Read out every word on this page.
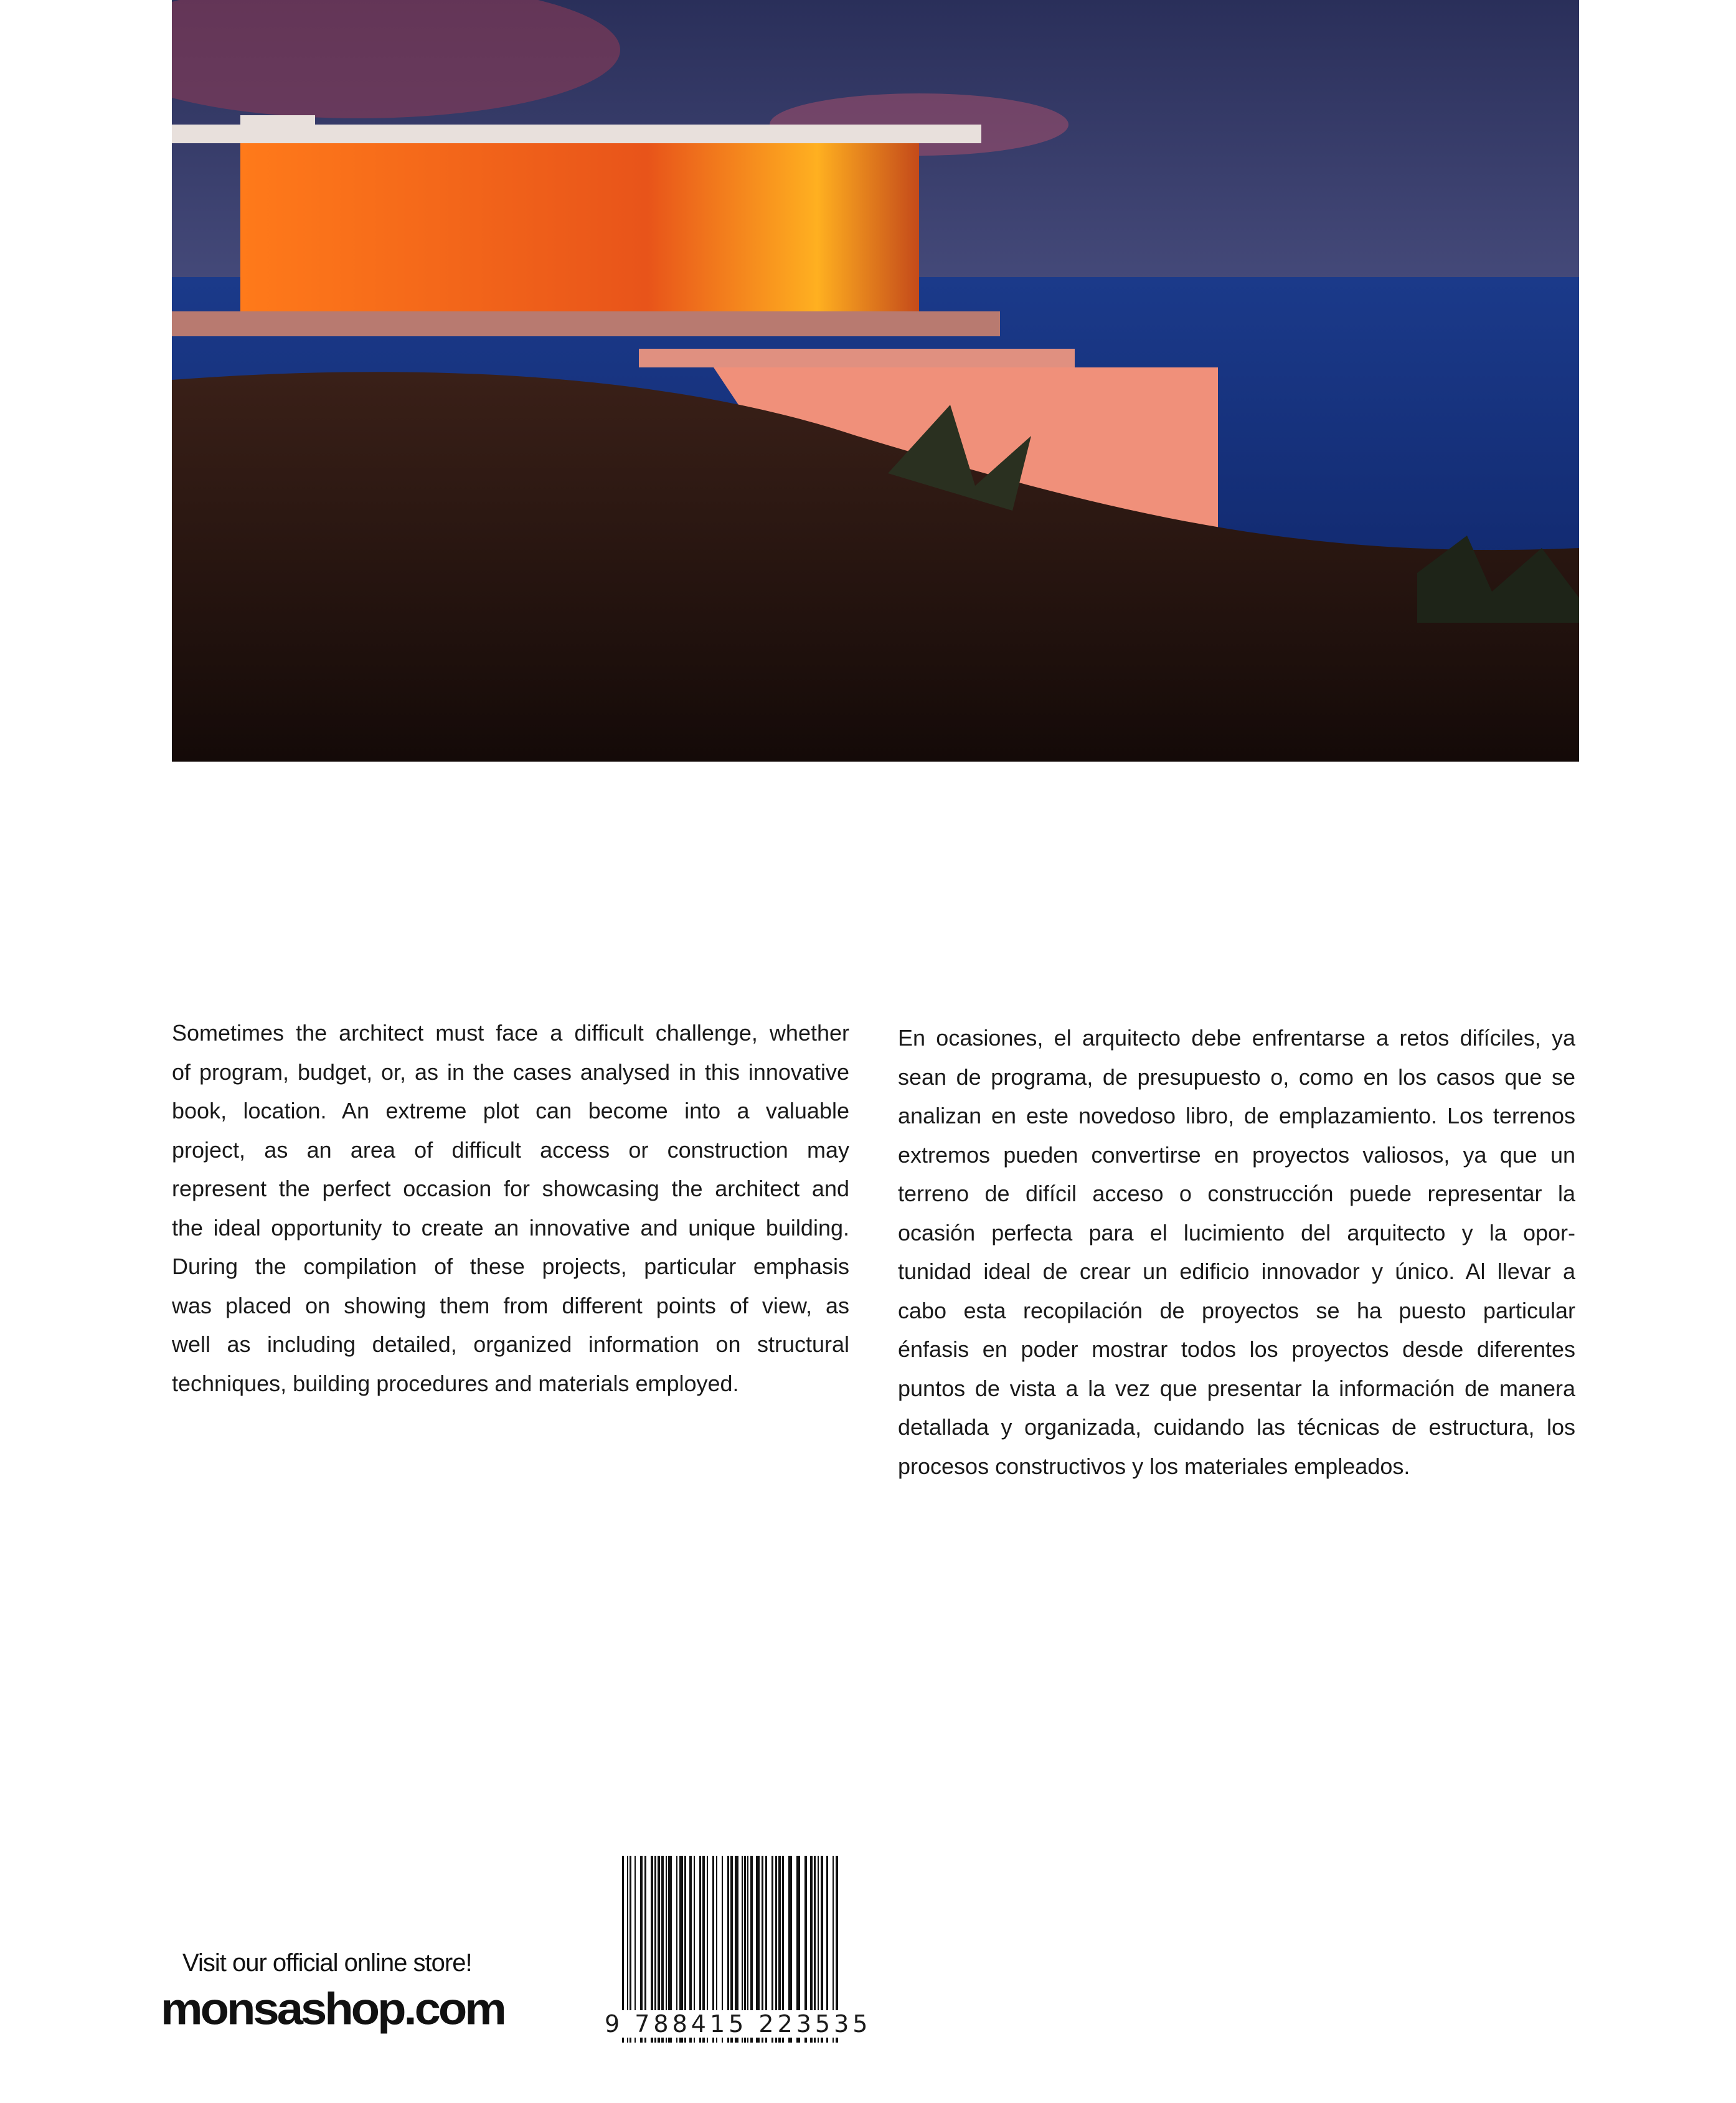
Sometimes the architect must face a difficult challenge, whether
of program, budget, or, as in the cases analysed in this innovative
book, location. An extreme plot can become into a valuable
project, as an area of difficult access or construction may
represent the perfect occasion for showcasing the architect and
the ideal opportunity to create an innovative and unique building.
During the compilation of these projects, particular emphasis
was placed on showing them from different points of view, as
well as including detailed, organized information on structural
techniques, building procedures and materials employed.
En ocasiones, el arquitecto debe enfrentarse a retos difíciles, ya
sean de programa, de presupuesto o, como en los casos que se
analizan en este novedoso libro, de emplazamiento. Los terrenos
extremos pueden convertirse en proyectos valiosos, ya que un
terreno de difícil acceso o construcción puede representar la
ocasión perfecta para el lucimiento del arquitecto y la opor-
tunidad ideal de crear un edificio innovador y único. Al llevar a
cabo esta recopilación de proyectos se ha puesto particular
énfasis en poder mostrar todos los proyectos desde diferentes
puntos de vista a la vez que presentar la información de manera
detallada y organizada, cuidando las técnicas de estructura, los
procesos constructivos y los materiales empleados.
Visit our official online store!
monsashop.com	9 788415 223535
